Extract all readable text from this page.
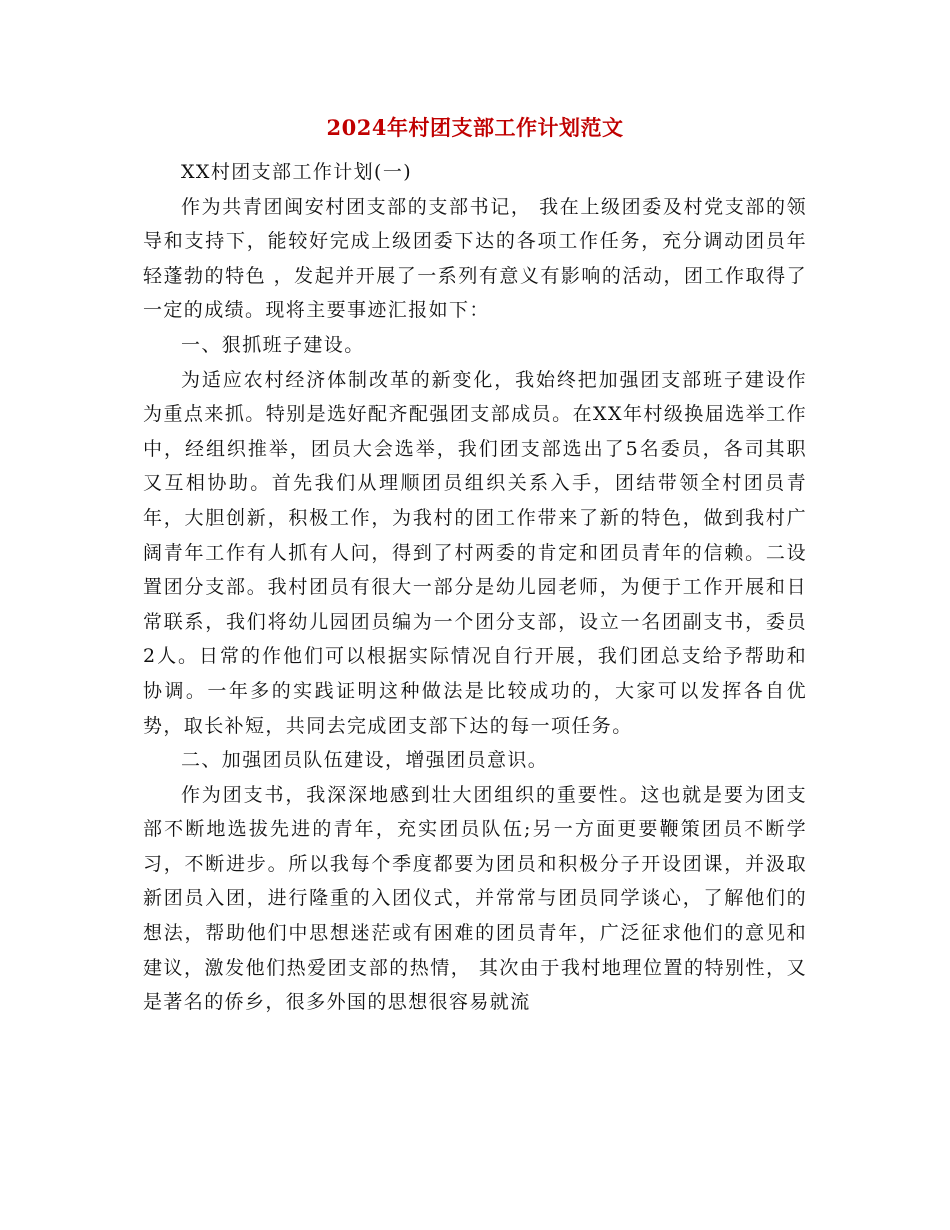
2024年村团支部工作计划范文

XX村团支部工作计划(一)

作为共青团闽安村团支部的支部书记， 我在上级团委及村党支部的领导和支持下，能较好完成上级团委下达的各项工作任务，充分调动团员年轻蓬勃的特色 ，发起并开展了一系列有意义有影响的活动，团工作取得了一定的成绩。现将主要事迹汇报如下：

一、狠抓班子建设。

为适应农村经济体制改革的新变化，我始终把加强团支部班子建设作为重点来抓。特别是选好配齐配强团支部成员。在XX年村级换届选举工作中，经组织推举，团员大会选举，我们团支部选出了5名委员，各司其职又互相协助。首先我们从理顺团员组织关系入手，团结带领全村团员青年，大胆创新，积极工作，为我村的团工作带来了新的特色，做到我村广阔青年工作有人抓有人问，得到了村两委的肯定和团员青年的信赖。二设置团分支部。我村团员有很大一部分是幼儿园老师，为便于工作开展和日常联系，我们将幼儿园团员编为一个团分支部，设立一名团副支书，委员2人。日常的作他们可以根据实际情况自行开展，我们团总支给予帮助和协调。一年多的实践证明这种做法是比较成功的，大家可以发挥各自优势，取长补短，共同去完成团支部下达的每一项任务。

二、加强团员队伍建设，增强团员意识。

作为团支书，我深深地感到壮大团组织的重要性。这也就是要为团支部不断地选拔先进的青年，充实团员队伍;另一方面更要鞭策团员不断学习，不断进步。所以我每个季度都要为团员和积极分子开设团课，并汲取新团员入团，进行隆重的入团仪式，并常常与团员同学谈心，了解他们的想法，帮助他们中思想迷茫或有困难的团员青年，广泛征求他们的意见和建议，激发他们热爱团支部的热情， 其次由于我村地理位置的特别性，又是著名的侨乡，很多外国的思想很容易就流
